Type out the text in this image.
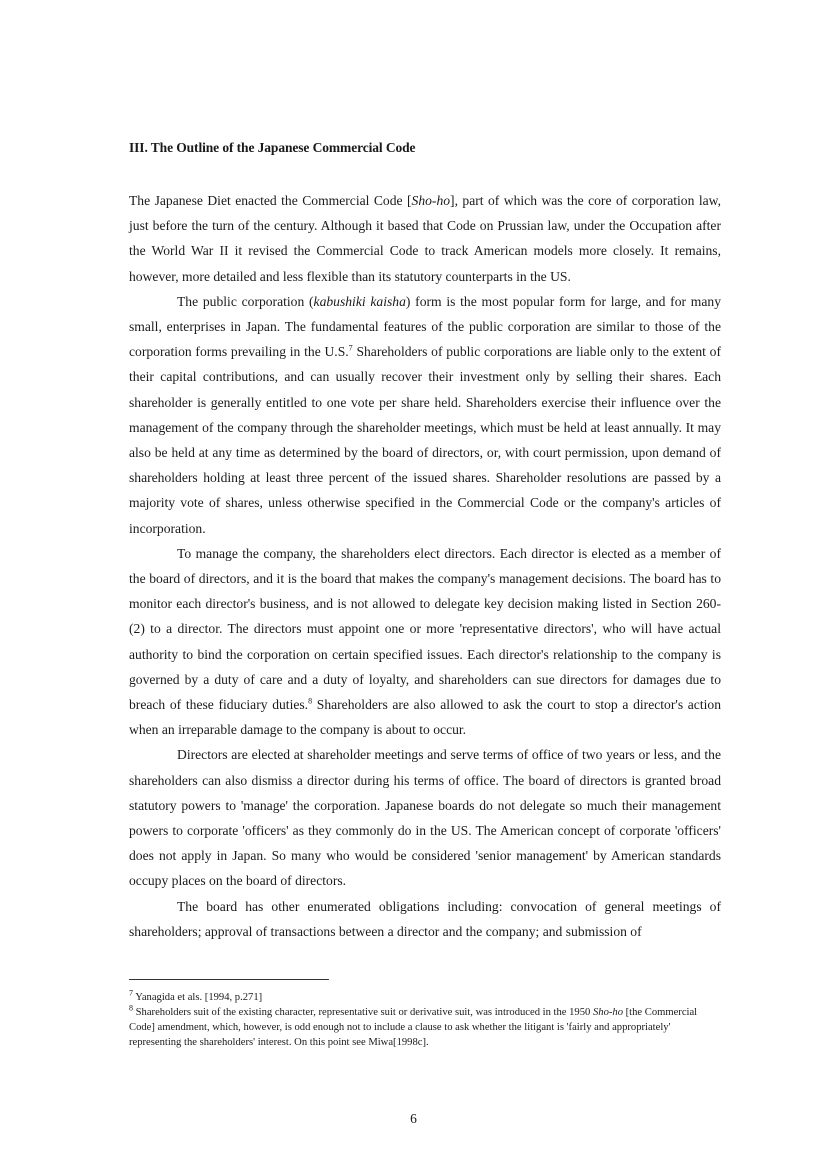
III. The Outline of the Japanese Commercial Code

The Japanese Diet enacted the Commercial Code [Sho-ho], part of which was the core of corporation law, just before the turn of the century. Although it based that Code on Prussian law, under the Occupation after the World War II it revised the Commercial Code to track American models more closely. It remains, however, more detailed and less flexible than its statutory counterparts in the US.

The public corporation (kabushiki kaisha) form is the most popular form for large, and for many small, enterprises in Japan. The fundamental features of the public corporation are similar to those of the corporation forms prevailing in the U.S.$^7$ Shareholders of public corporations are liable only to the extent of their capital contributions, and can usually recover their investment only by selling their shares. Each shareholder is generally entitled to one vote per share held. Shareholders exercise their influence over the management of the company through the shareholder meetings, which must be held at least annually. It may also be held at any time as determined by the board of directors, or, with court permission, upon demand of shareholders holding at least three percent of the issued shares. Shareholder resolutions are passed by a majority vote of shares, unless otherwise specified in the Commercial Code or the company's articles of incorporation.

To manage the company, the shareholders elect directors. Each director is elected as a member of the board of directors, and it is the board that makes the company's management decisions. The board has to monitor each director's business, and is not allowed to delegate key decision making listed in Section 260-(2) to a director. The directors must appoint one or more 'representative directors', who will have actual authority to bind the corporation on certain specified issues. Each director's relationship to the company is governed by a duty of care and a duty of loyalty, and shareholders can sue directors for damages due to breach of these fiduciary duties.$^8$ Shareholders are also allowed to ask the court to stop a director's action when an irreparable damage to the company is about to occur.

Directors are elected at shareholder meetings and serve terms of office of two years or less, and the shareholders can also dismiss a director during his terms of office. The board of directors is granted broad statutory powers to 'manage' the corporation. Japanese boards do not delegate so much their management powers to corporate 'officers' as they commonly do in the US. The American concept of corporate 'officers' does not apply in Japan. So many who would be considered 'senior management' by American standards occupy places on the board of directors.

The board has other enumerated obligations including: convocation of general meetings of shareholders; approval of transactions between a director and the company; and submission of

$^7$ Yanagida et als. [1994, p.271]

$^8$ Shareholders suit of the existing character, representative suit or derivative suit, was introduced in the 1950 Sho-ho [the Commercial Code] amendment, which, however, is odd enough not to include a clause to ask whether the litigant is 'fairly and appropriately' representing the shareholders' interest. On this point see Miwa[1998c].

6
